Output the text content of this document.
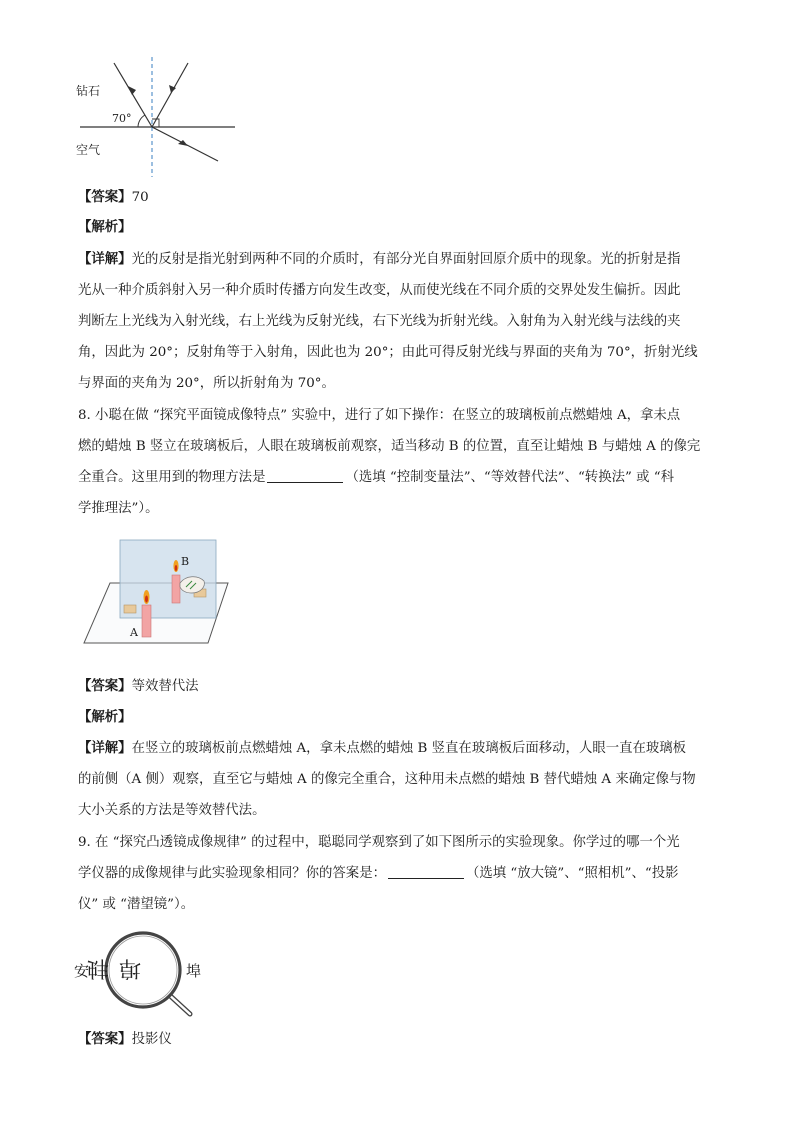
钻石
70°
空气
【答案】70
【解析】
【详解】光的反射是指光射到两种不同的介质时，有部分光自界面射回原介质中的现象。光的折射是指
光从一种介质斜射入另一种介质时传播方向发生改变，从而使光线在不同介质的交界处发生偏折。因此
判断左上光线为入射光线，右上光线为反射光线，右下光线为折射光线。入射角为入射光线与法线的夹
角，因此为 20°；反射角等于入射角，因此也为 20°；由此可得反射光线与界面的夹角为 70°，折射光线
与界面的夹角为 20°，所以折射角为 70°。
8. 小聪在做 “探究平面镜成像特点” 实验中，进行了如下操作：在竖立的玻璃板前点燃蜡烛 A，拿未点
燃的蜡烛 B 竖立在玻璃板后，人眼在玻璃板前观察，适当移动 B 的位置，直至让蜡烛 B 与蜡烛 A 的像完
全重合。这里用到的物理方法是	（选填 “控制变量法”、“等效替代法”、“转换法” 或 “科
学推理法”）。
B
A
【答案】等效替代法
【解析】
【详解】在竖立的玻璃板前点燃蜡烛 A，拿未点燃的蜡烛 B 竖直在玻璃板后面移动，人眼一直在玻璃板
的前侧（A 侧）观察，直至它与蜡烛 A 的像完全重合，这种用未点燃的蜡烛 B 替代蜡烛 A 来确定像与物
大小关系的方法是等效替代法。
9. 在 “探究凸透镜成像规律” 的过程中，聪聪同学观察到了如下图所示的实验现象。你学过的哪一个光
学仪器的成像规律与此实验现象相同？你的答案是：	（选填 “放大镜”、“照相机”、“投影
仪” 或 “潜望镜”）。
安	埠
蚌 埠
【答案】投影仪
